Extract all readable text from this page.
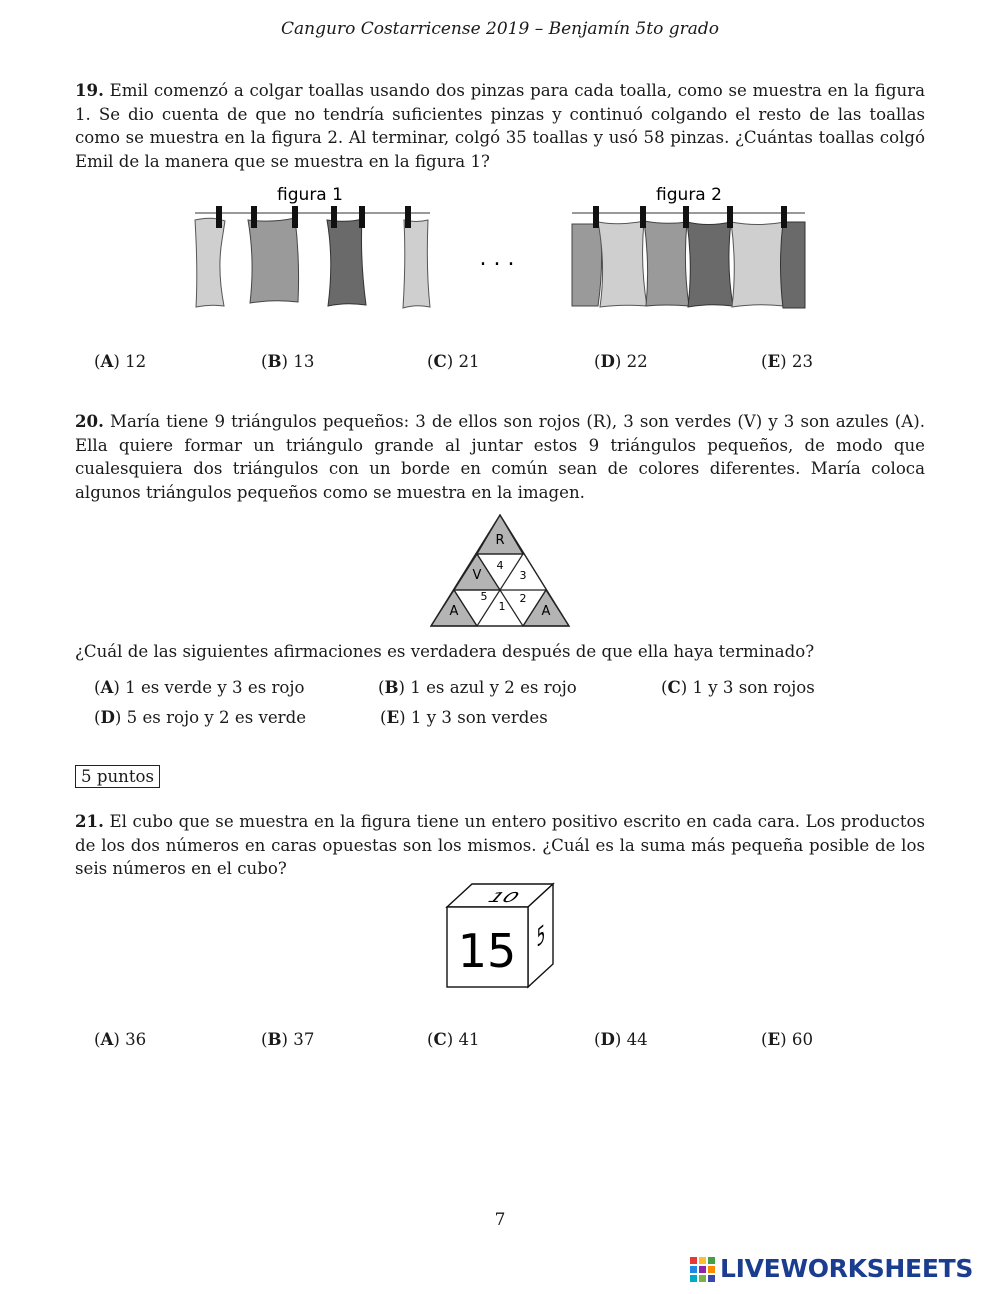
Canguro Costarricense 2019 – Benjamín 5to grado
19. Emil comenzó a colgar toallas usando dos pinzas para cada toalla, como se muestra en la figura 1. Se dio cuenta de que no tendría suficientes pinzas y continuó colgando el resto de las toallas como se muestra en la figura 2. Al terminar, colgó 35 toallas y usó 58 pinzas. ¿Cuántas toallas colgó Emil de la manera que se muestra en la figura 1?
figura 1
. . .
figura 2
(A) 12	(B) 13	(C) 21	(D) 22	(E) 23
20. María tiene 9 triángulos pequeños: 3 de ellos son rojos (R), 3 son verdes (V) y 3 son azules (A). Ella quiere formar un triángulo grande al juntar estos 9 triángulos pequeños, de modo que cualesquiera dos triángulos con un borde en común sean de colores diferentes. María coloca algunos triángulos pequeños como se muestra en la imagen.
R
V
A	A
4
3
5	2
1
¿Cuál de las siguientes afirmaciones es verdadera después de que ella haya terminado?
(A) 1 es verde y 3 es rojo	(B) 1 es azul y 2 es rojo	(C) 1 y 3 son rojos
(D) 5 es rojo y 2 es verde	(E) 1 y 3 son verdes
5 puntos
21. El cubo que se muestra en la figura tiene un entero positivo escrito en cada cara. Los productos de los dos números en caras opuestas son los mismos. ¿Cuál es la suma más pequeña posible de los seis números en el cubo?
15
10
5
(A) 36	(B) 37	(C) 41	(D) 44	(E) 60
7
LIVEWORKSHEETS
